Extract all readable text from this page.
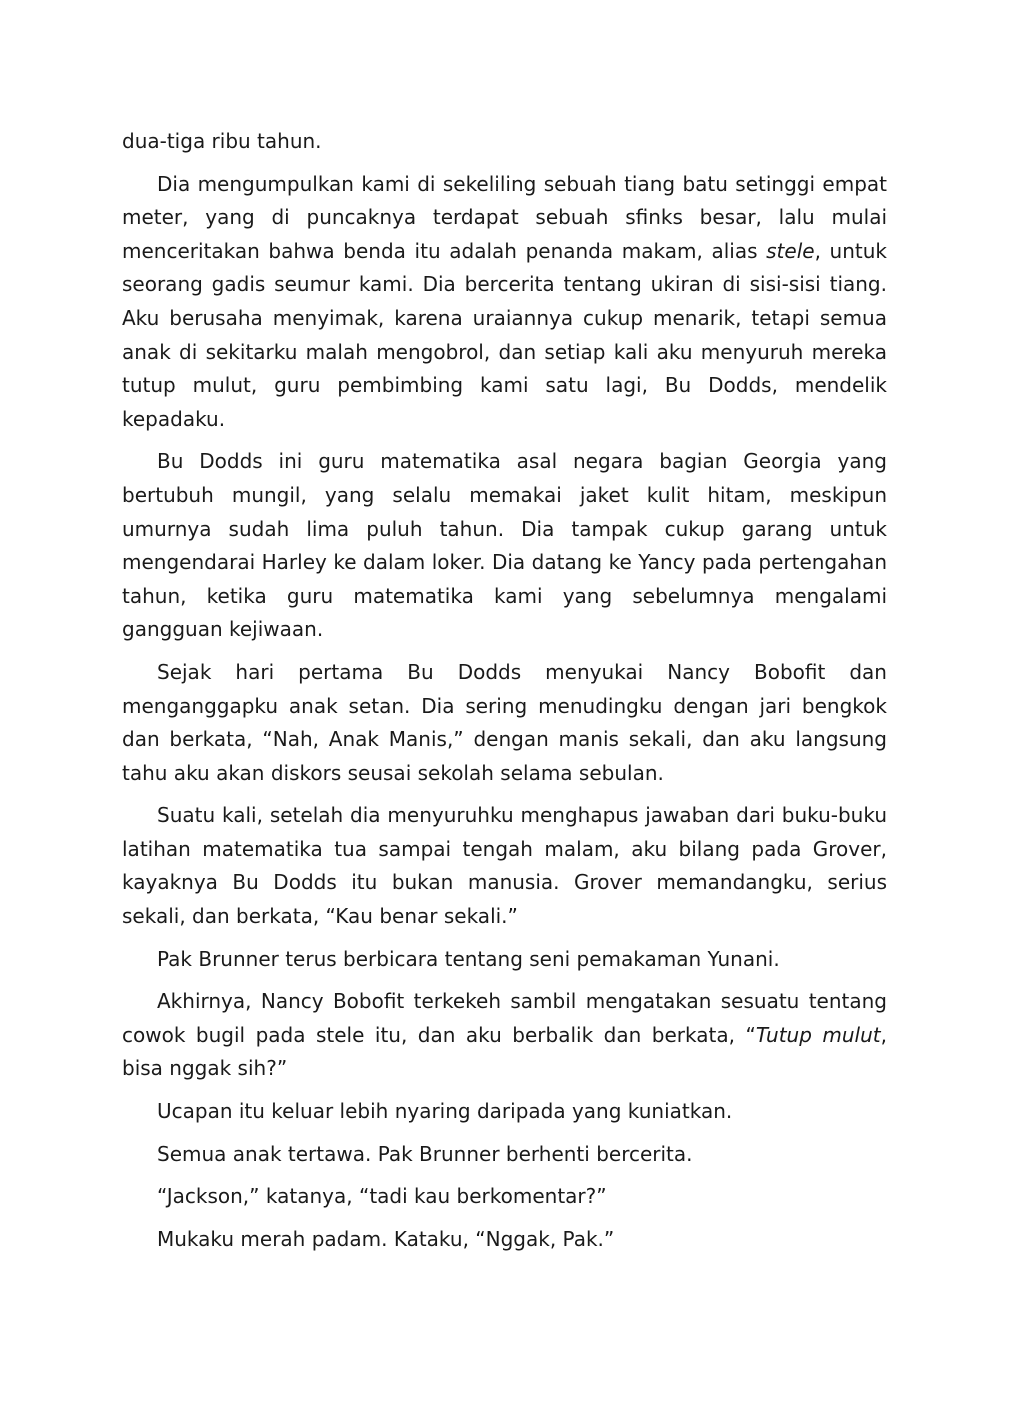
dua-tiga ribu tahun.

Dia mengumpulkan kami di sekeliling sebuah tiang batu setinggi empat meter, yang di puncaknya terdapat sebuah sfinks besar, lalu mulai menceritakan bahwa benda itu adalah penanda makam, alias stele, untuk seorang gadis seumur kami. Dia bercerita tentang ukiran di sisi-sisi tiang. Aku berusaha menyimak, karena uraiannya cukup menarik, tetapi semua anak di sekitarku malah mengobrol, dan setiap kali aku menyuruh mereka tutup mulut, guru pembimbing kami satu lagi, Bu Dodds, mendelik kepadaku.

Bu Dodds ini guru matematika asal negara bagian Georgia yang bertubuh mungil, yang selalu memakai jaket kulit hitam, meskipun umurnya sudah lima puluh tahun. Dia tampak cukup garang untuk mengendarai Harley ke dalam loker. Dia datang ke Yancy pada pertengahan tahun, ketika guru matematika kami yang sebelumnya mengalami gangguan kejiwaan.

Sejak hari pertama Bu Dodds menyukai Nancy Bobofit dan menganggapku anak setan. Dia sering menudingku dengan jari bengkok dan berkata, “Nah, Anak Manis,” dengan manis sekali, dan aku langsung tahu aku akan diskors seusai sekolah selama sebulan.

Suatu kali, setelah dia menyuruhku menghapus jawaban dari buku-buku latihan matematika tua sampai tengah malam, aku bilang pada Grover, kayaknya Bu Dodds itu bukan manusia. Grover memandangku, serius sekali, dan berkata, “Kau benar sekali.”

Pak Brunner terus berbicara tentang seni pemakaman Yunani.

Akhirnya, Nancy Bobofit terkekeh sambil mengatakan sesuatu tentang cowok bugil pada stele itu, dan aku berbalik dan berkata, “Tutup mulut, bisa nggak sih?”

Ucapan itu keluar lebih nyaring daripada yang kuniatkan.

Semua anak tertawa. Pak Brunner berhenti bercerita.

“Jackson,” katanya, “tadi kau berkomentar?”

Mukaku merah padam. Kataku, “Nggak, Pak.”
